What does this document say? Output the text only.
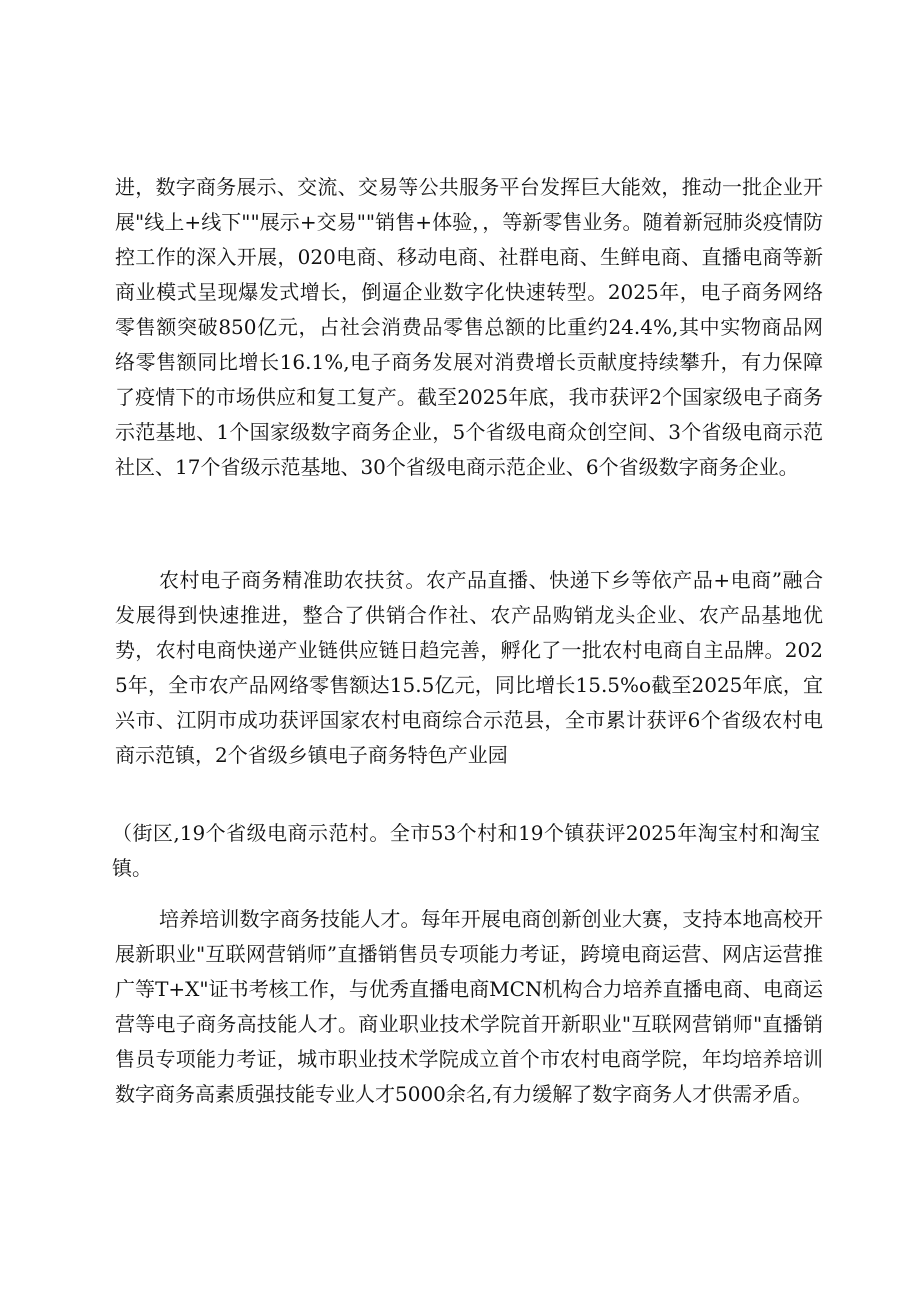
进，数字商务展示、交流、交易等公共服务平台发挥巨大能效，推动一批企业开展"线上+线下""展示+交易""销售+体验，，等新零售业务。随着新冠肺炎疫情防控工作的深入开展，020电商、移动电商、社群电商、生鲜电商、直播电商等新商业模式呈现爆发式增长，倒逼企业数字化快速转型。2025年，电子商务网络零售额突破850亿元，占社会消费品零售总额的比重约24.4%,其中实物商品网络零售额同比增长16.1%,电子商务发展对消费增长贡献度持续攀升，有力保障了疫情下的市场供应和复工复产。截至2025年底，我市获评2个国家级电子商务示范基地、1个国家级数字商务企业，5个省级电商众创空间、3个省级电商示范社区、17个省级示范基地、30个省级电商示范企业、6个省级数字商务企业。

农村电子商务精准助农扶贫。农产品直播、快递下乡等依产品+电商”融合发展得到快速推进，整合了供销合作社、农产品购销龙头企业、农产品基地优势，农村电商快递产业链供应链日趋完善，孵化了一批农村电商自主品牌。2025年，全市农产品网络零售额达15.5亿元，同比增长15.5%o截至2025年底，宜兴市、江阴市成功获评国家农村电商综合示范县，全市累计获评6个省级农村电商示范镇，2个省级乡镇电子商务特色产业园

（街区,19个省级电商示范村。全市53个村和19个镇获评2025年淘宝村和淘宝镇。

培养培训数字商务技能人才。每年开展电商创新创业大赛，支持本地高校开展新职业"互联网营销师”直播销售员专项能力考证，跨境电商运营、网店运营推广等T+X"证书考核工作，与优秀直播电商MCN机构合力培养直播电商、电商运营等电子商务高技能人才。商业职业技术学院首开新职业"互联网营销师"直播销售员专项能力考证，城市职业技术学院成立首个市农村电商学院，年均培养培训数字商务高素质强技能专业人才5000余名,有力缓解了数字商务人才供需矛盾。
